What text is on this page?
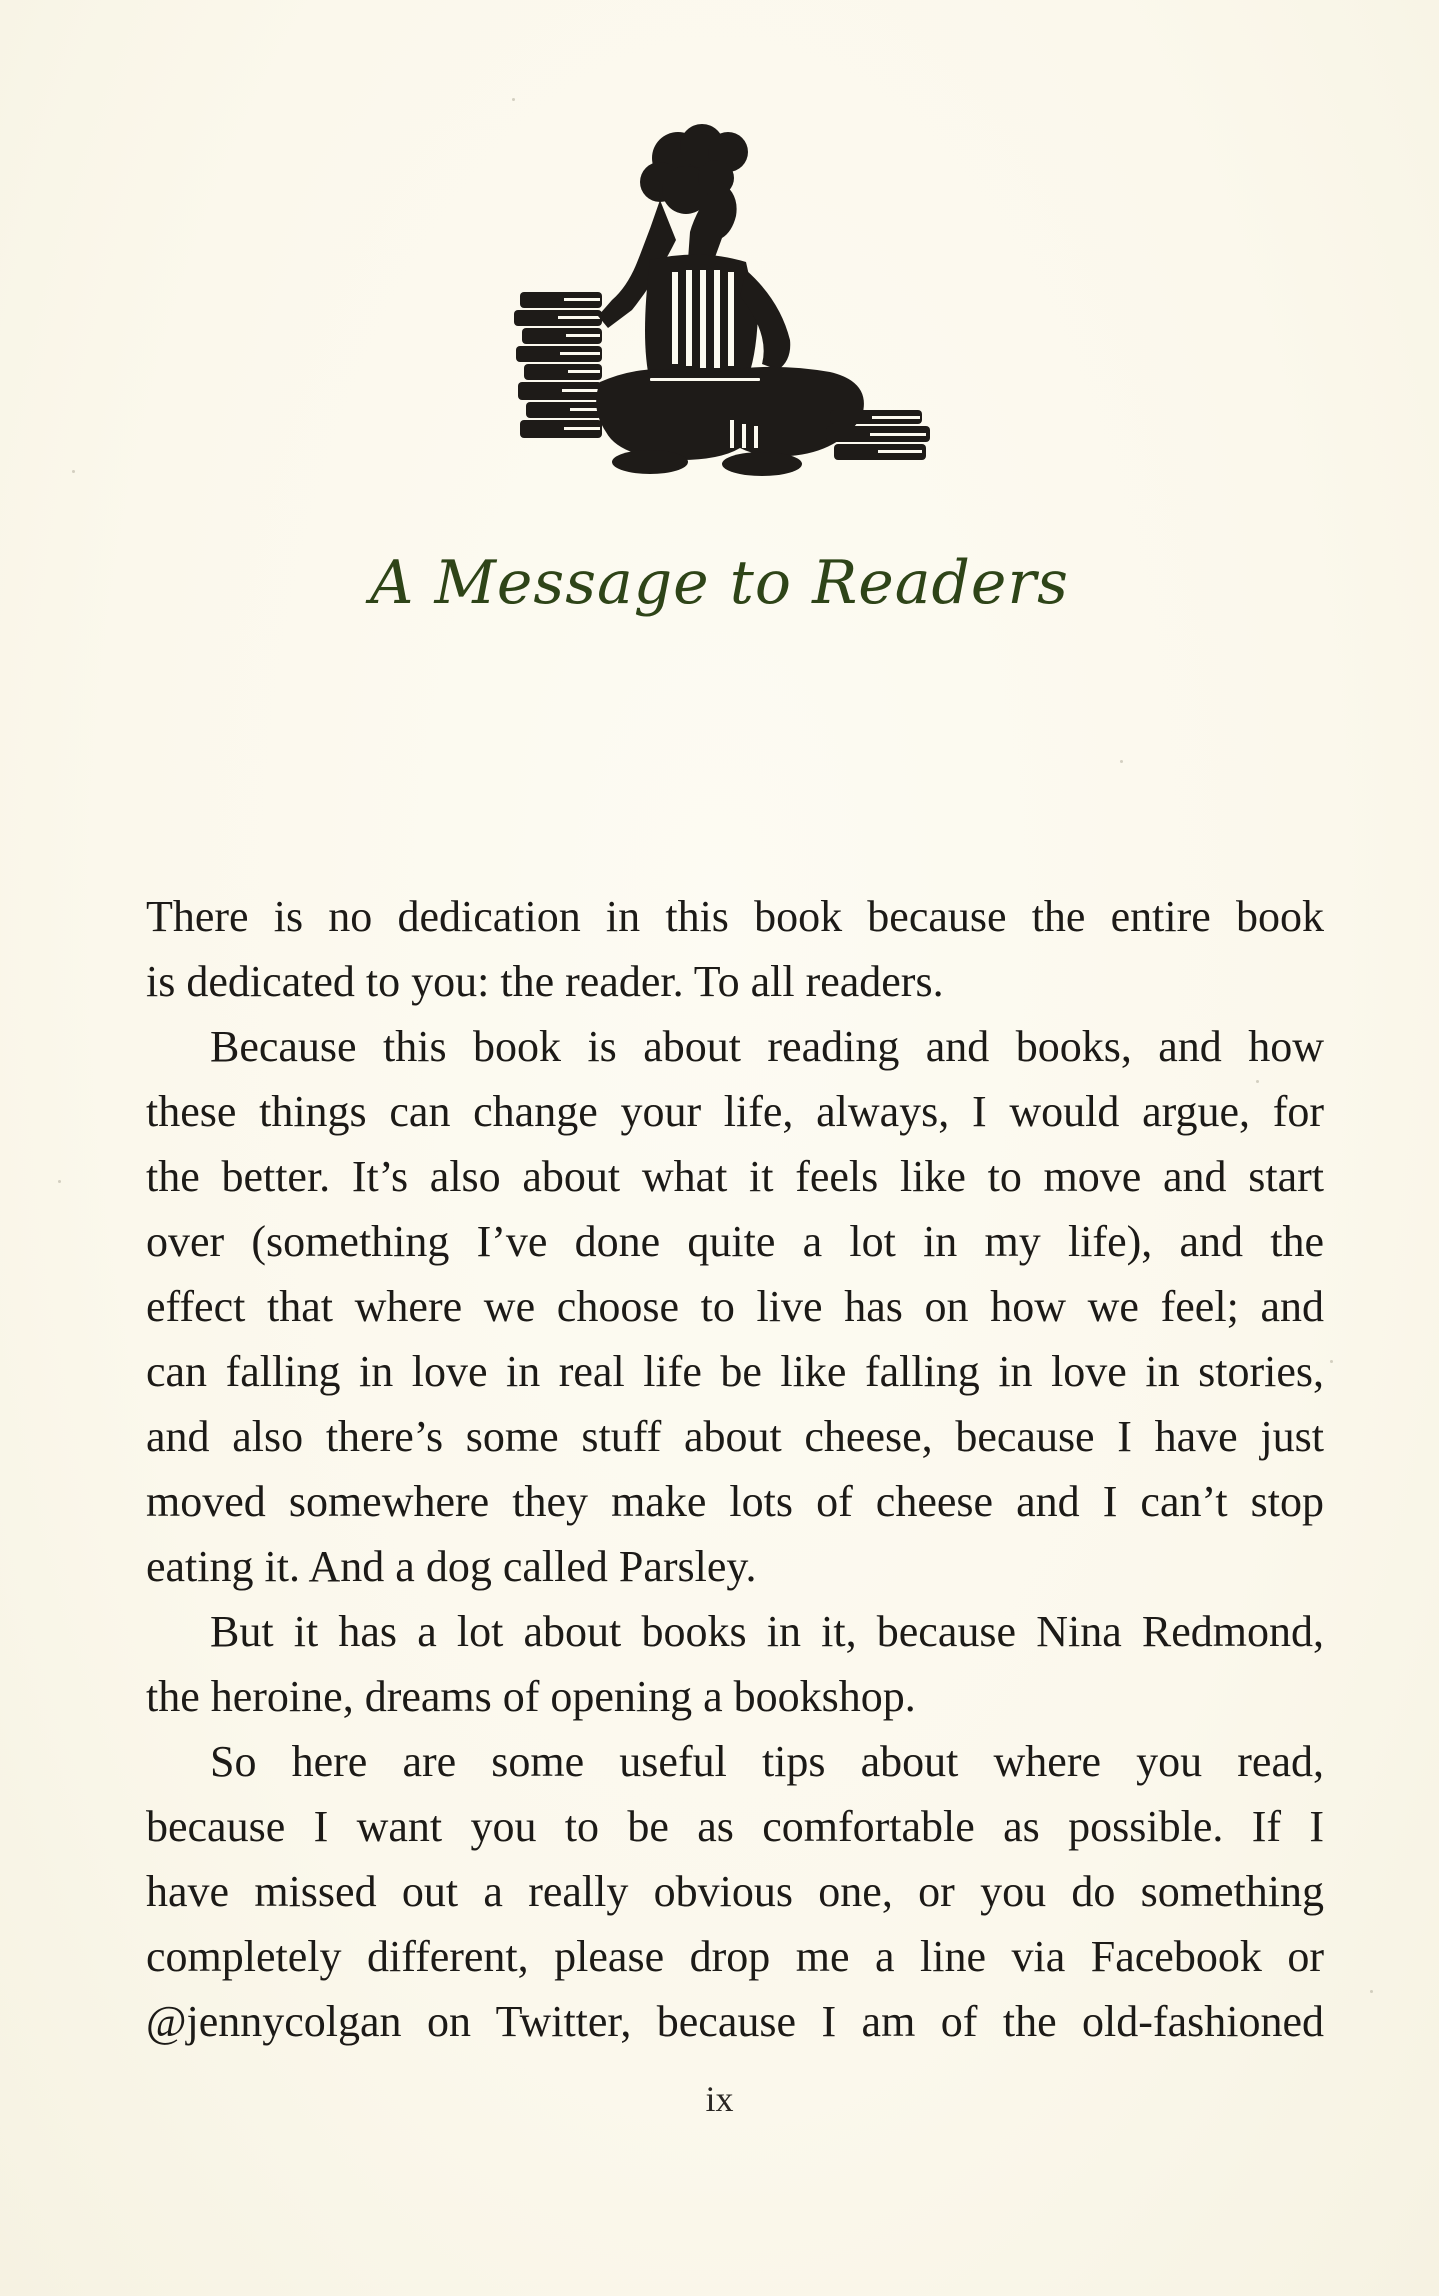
A Message to Readers

There is no dedication in this book because the entire book
is dedicated to you: the reader. To all readers.

Because this book is about reading and books, and how
these things can change your life, always, I would argue, for
the better. It’s also about what it feels like to move and start
over (something I’ve done quite a lot in my life), and the
effect that where we choose to live has on how we feel; and
can falling in love in real life be like falling in love in stories,
and also there’s some stuff about cheese, because I have just
moved somewhere they make lots of cheese and I can’t stop
eating it. And a dog called Parsley.

But it has a lot about books in it, because Nina Redmond,
the heroine, dreams of opening a bookshop.

So here are some useful tips about where you read,
because I want you to be as comfortable as possible. If I
have missed out a really obvious one, or you do something
completely different, please drop me a line via Facebook or
@jennycolgan on Twitter, because I am of the old-fashioned

ix
